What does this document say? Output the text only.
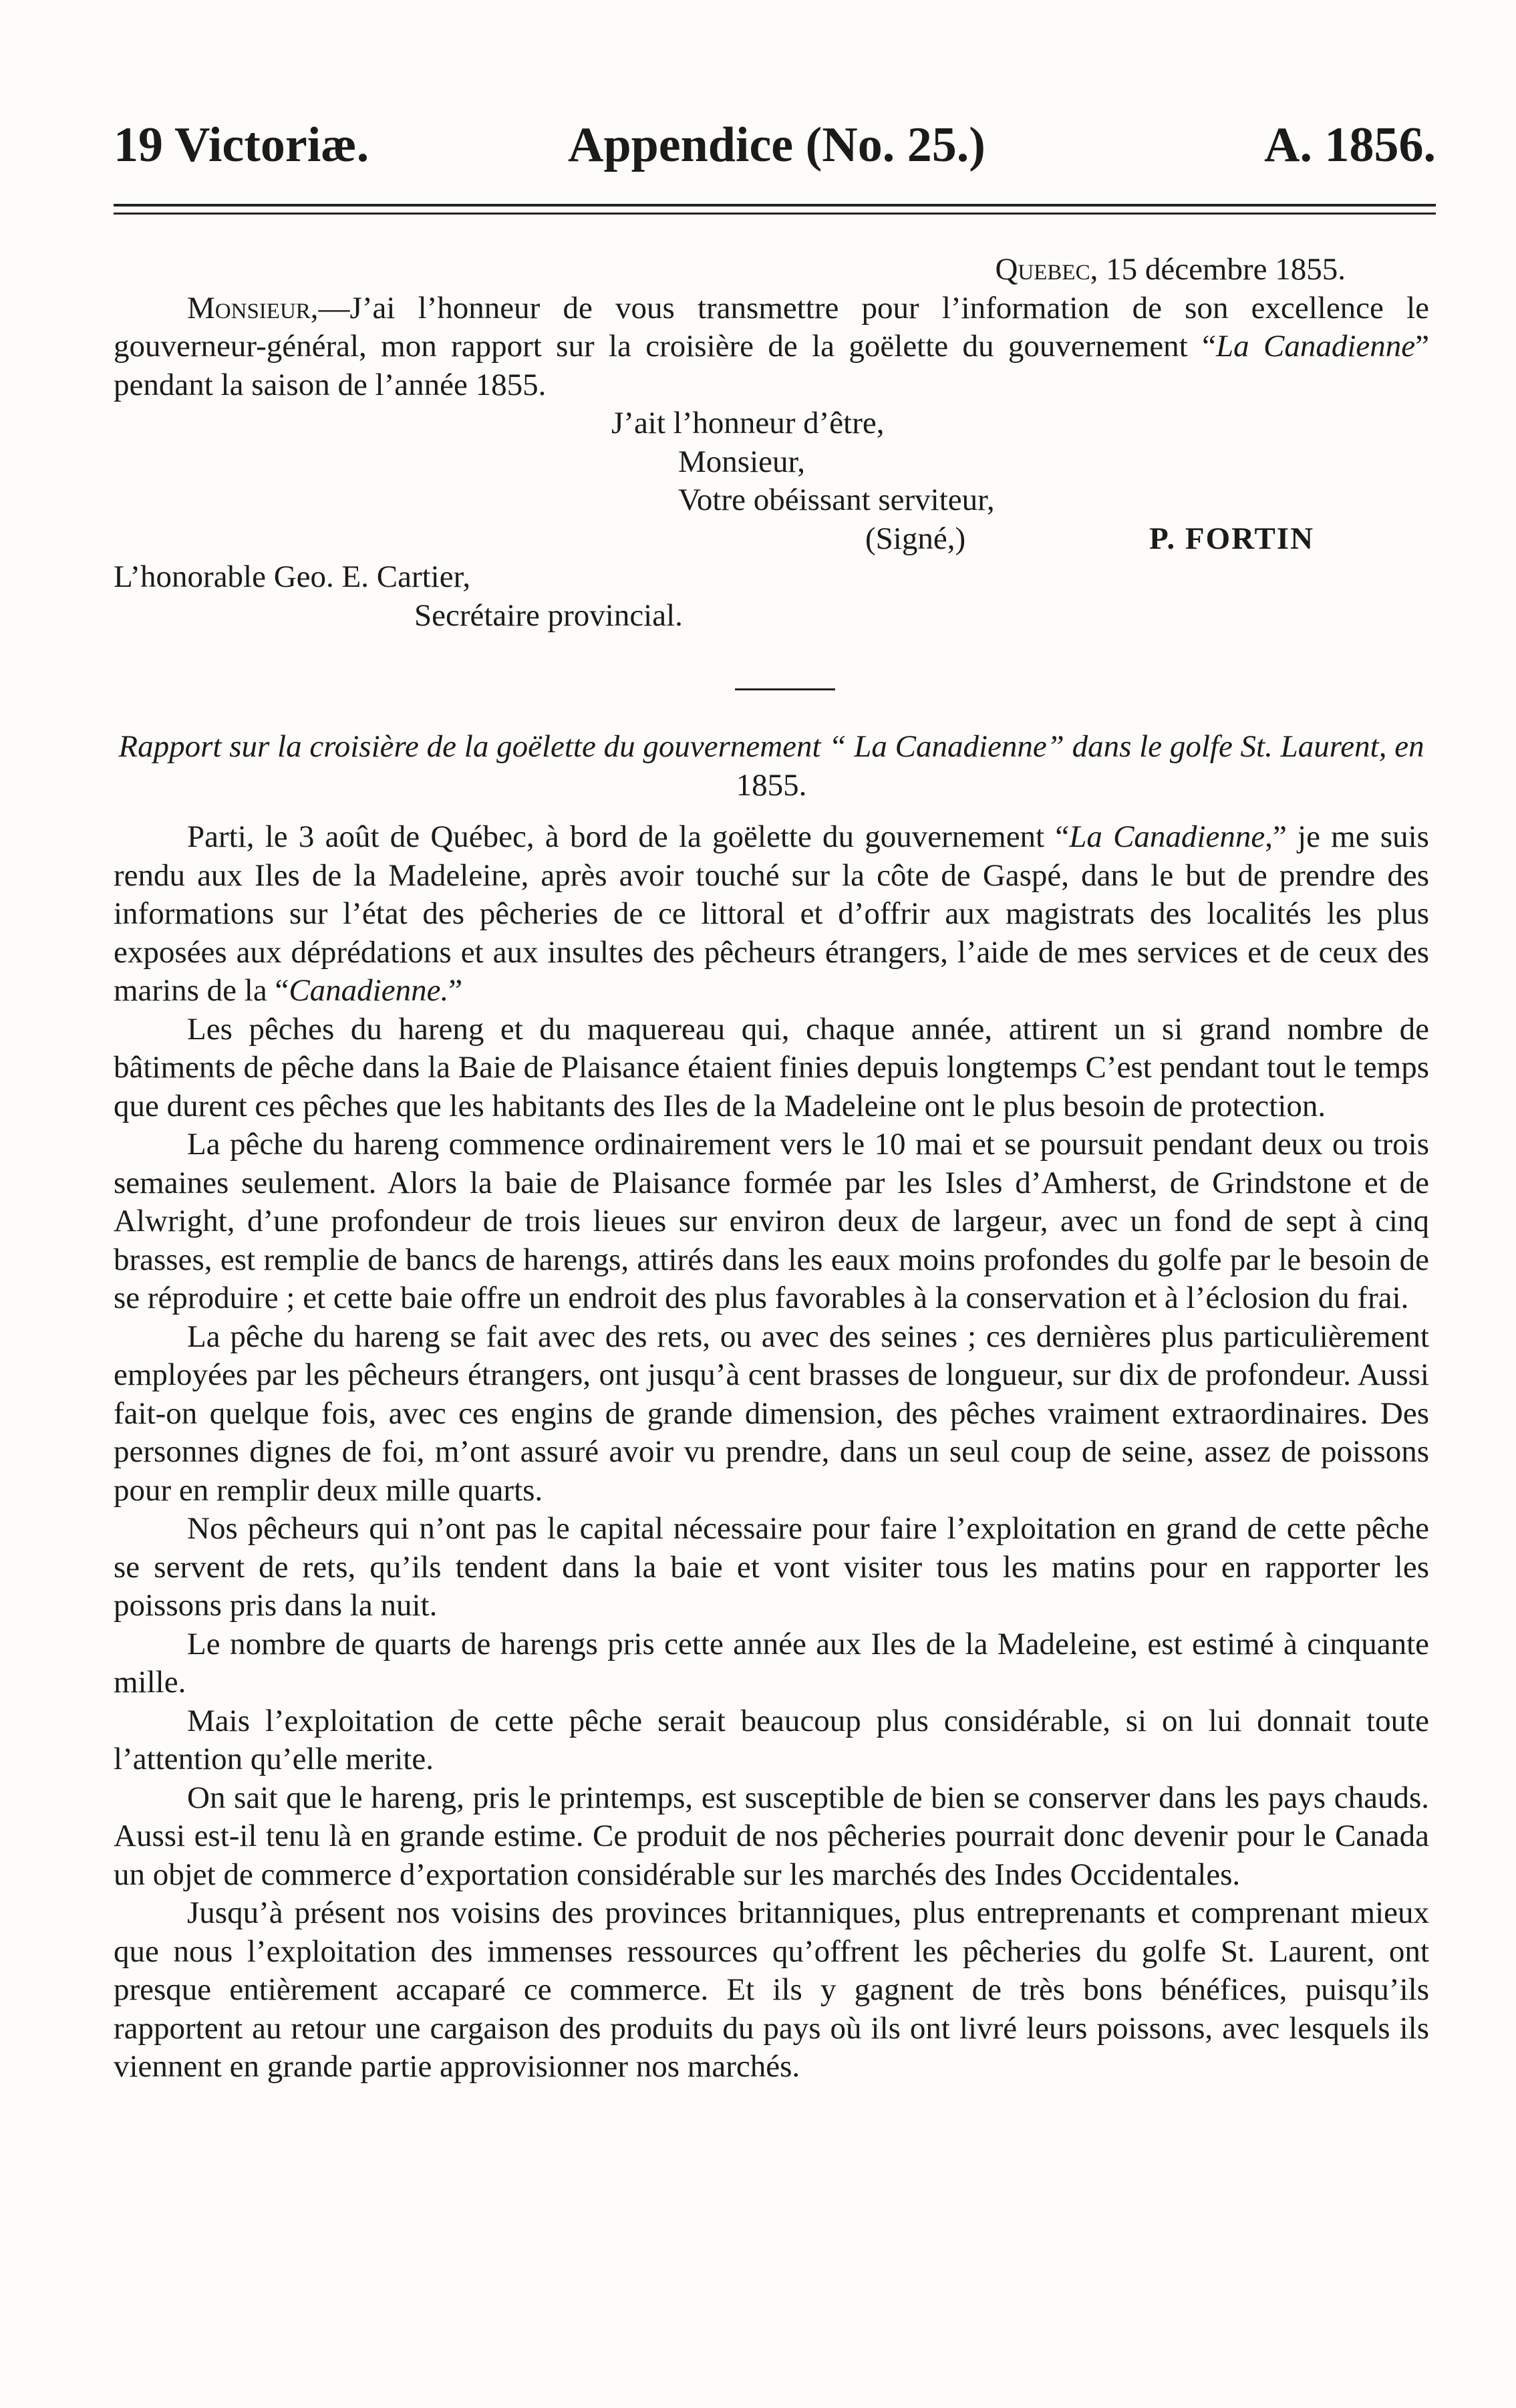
19 Victoriæ.	Appendice (No. 25.)	A. 1856.
Quebec, 15 décembre 1855.

Monsieur,—J’ai l’honneur de vous transmettre pour l’information de son excellence le gouverneur-général, mon rapport sur la croisière de la goëlette du gouvernement “La Canadienne” pendant la saison de l’année 1855.

J’ait l’honneur d’être,

Monsieur,

Votre obéissant serviteur,

(Signé,)	P. FORTIN

L’honorable Geo. E. Cartier,

Secrétaire provincial.

Rapport sur la croisière de la goëlette du gouvernement “ La Canadienne” dans le golfe St. Laurent, en 1855.

Parti, le 3 août de Québec, à bord de la goëlette du gouvernement “La Canadienne,” je me suis rendu aux Iles de la Madeleine, après avoir touché sur la côte de Gaspé, dans le but de prendre des informations sur l’état des pêcheries de ce littoral et d’offrir aux magistrats des localités les plus exposées aux déprédations et aux insultes des pêcheurs étrangers, l’aide de mes services et de ceux des marins de la “Canadienne.”

Les pêches du hareng et du maquereau qui, chaque année, attirent un si grand nombre de bâtiments de pêche dans la Baie de Plaisance étaient finies depuis longtemps C’est pendant tout le temps que durent ces pêches que les habitants des Iles de la Madeleine ont le plus besoin de protection.

La pêche du hareng commence ordinairement vers le 10 mai et se poursuit pendant deux ou trois semaines seulement. Alors la baie de Plaisance formée par les Isles d’Amherst, de Grindstone et de Alwright, d’une profondeur de trois lieues sur environ deux de largeur, avec un fond de sept à cinq brasses, est remplie de bancs de harengs, attirés dans les eaux moins profondes du golfe par le besoin de se réproduire ; et cette baie offre un endroit des plus favorables à la conservation et à l’éclosion du frai.

La pêche du hareng se fait avec des rets, ou avec des seines ; ces dernières plus particulièrement employées par les pêcheurs étrangers, ont jusqu’à cent brasses de longueur, sur dix de profondeur. Aussi fait-on quelque fois, avec ces engins de grande dimension, des pêches vraiment extraordinaires. Des personnes dignes de foi, m’ont assuré avoir vu prendre, dans un seul coup de seine, assez de poissons pour en remplir deux mille quarts.

Nos pêcheurs qui n’ont pas le capital nécessaire pour faire l’exploitation en grand de cette pêche se servent de rets, qu’ils tendent dans la baie et vont visiter tous les matins pour en rapporter les poissons pris dans la nuit.

Le nombre de quarts de harengs pris cette année aux Iles de la Madeleine, est estimé à cinquante mille.

Mais l’exploitation de cette pêche serait beaucoup plus considérable, si on lui donnait toute l’attention qu’elle merite.

On sait que le hareng, pris le printemps, est susceptible de bien se conserver dans les pays chauds. Aussi est-il tenu là en grande estime. Ce produit de nos pêcheries pourrait donc devenir pour le Canada un objet de commerce d’exportation considérable sur les marchés des Indes Occidentales.

Jusqu’à présent nos voisins des provinces britanniques, plus entreprenants et comprenant mieux que nous l’exploitation des immenses ressources qu’offrent les pêcheries du golfe St. Laurent, ont presque entièrement accaparé ce commerce. Et ils y gagnent de très bons bénéfices, puisqu’ils rapportent au retour une cargaison des produits du pays où ils ont livré leurs poissons, avec lesquels ils viennent en grande partie approvisionner nos marchés.
